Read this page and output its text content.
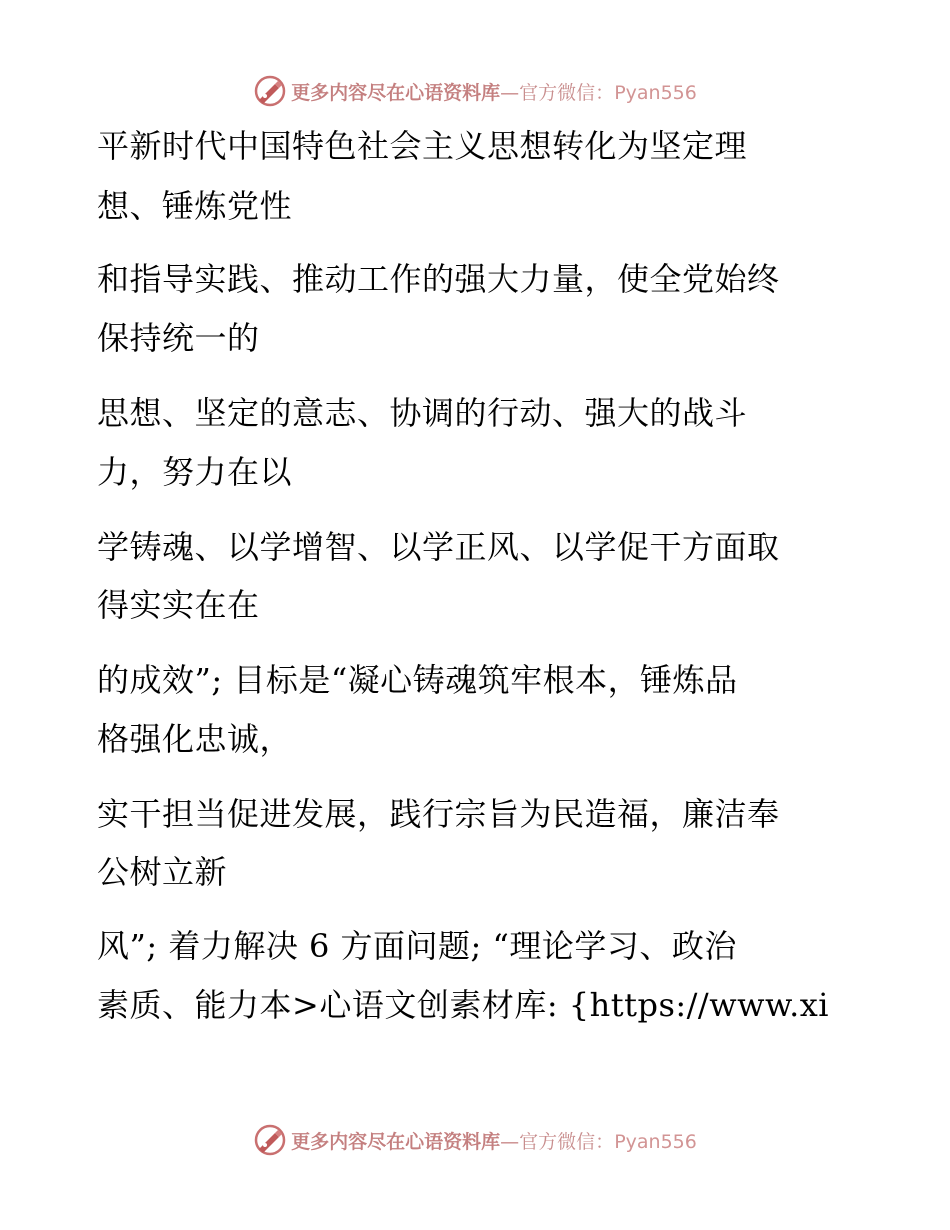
更多内容尽在心语资料库—官方微信：Pyan556
平新时代中国特色社会主义思想转化为坚定理
想、锤炼党性
和指导实践、推动工作的强大力量，使全党始终
保持统一的
思想、坚定的意志、协调的行动、强大的战斗
力，努力在以
学铸魂、以学增智、以学正风、以学促干方面取
得实实在在
的成效”; 目标是“凝心铸魂筑牢根本，锤炼品
格强化忠诚，
实干担当促进发展，践行宗旨为民造福，廉洁奉
公树立新
风”; 着力解决 6 方面问题; “理论学习、政治
素质、能力本>心语文创素材库: {https://www.xi
更多内容尽在心语资料库—官方微信：Pyan556
